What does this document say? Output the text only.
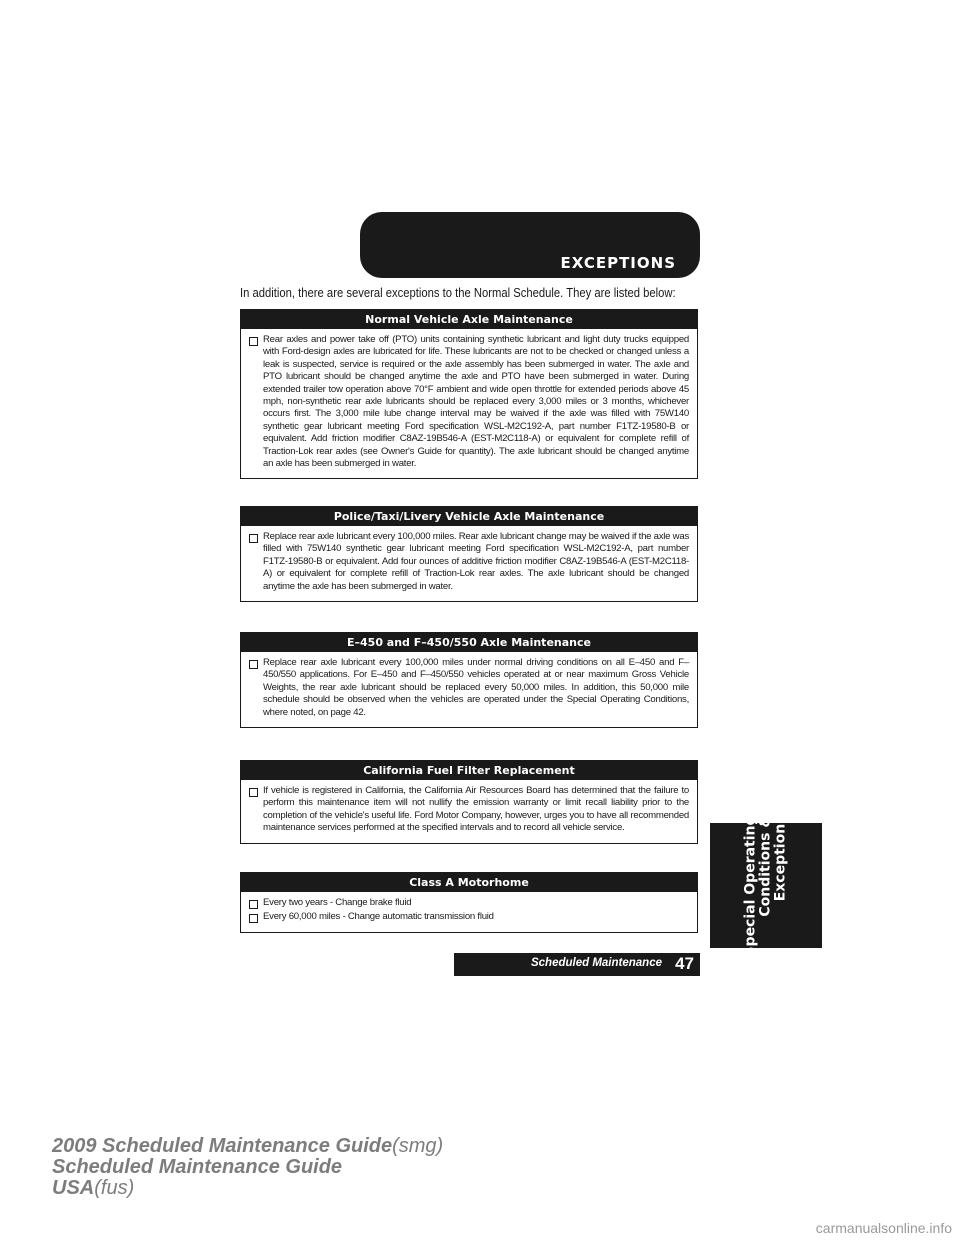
EXCEPTIONS
In addition, there are several exceptions to the Normal Schedule. They are listed below:
Normal Vehicle Axle Maintenance
Rear axles and power take off (PTO) units containing synthetic lubricant and light duty trucks equipped with Ford-design axles are lubricated for life. These lubricants are not to be checked or changed unless a leak is suspected, service is required or the axle assembly has been submerged in water. The axle and PTO lubricant should be changed anytime the axle and PTO have been submerged in water. During extended trailer tow operation above 70°F ambient and wide open throttle for extended periods above 45 mph, non-synthetic rear axle lubricants should be replaced every 3,000 miles or 3 months, whichever occurs first. The 3,000 mile lube change interval may be waived if the axle was filled with 75W140 synthetic gear lubricant meeting Ford specification WSL-M2C192-A, part number F1TZ-19580-B or equivalent. Add friction modifier C8AZ-19B546-A (EST-M2C118-A) or equivalent for complete refill of Traction-Lok rear axles (see Owner's Guide for quantity). The axle lubricant should be changed anytime an axle has been submerged in water.
Police/Taxi/Livery Vehicle Axle Maintenance
Replace rear axle lubricant every 100,000 miles. Rear axle lubricant change may be waived if the axle was filled with 75W140 synthetic gear lubricant meeting Ford specification WSL-M2C192-A, part number F1TZ-19580-B or equivalent. Add four ounces of additive friction modifier C8AZ-19B546-A (EST-M2C118-A) or equivalent for complete refill of Traction-Lok rear axles. The axle lubricant should be changed anytime the axle has been submerged in water.
E–450 and F–450/550 Axle Maintenance
Replace rear axle lubricant every 100,000 miles under normal driving conditions on all E–450 and F–450/550 applications. For E–450 and F–450/550 vehicles operated at or near maximum Gross Vehicle Weights, the rear axle lubricant should be replaced every 50,000 miles. In addition, this 50,000 mile schedule should be observed when the vehicles are operated under the Special Operating Conditions, where noted, on page 42.
California Fuel Filter Replacement
If vehicle is registered in California, the California Air Resources Board has determined that the failure to perform this maintenance item will not nullify the emission warranty or limit recall liability prior to the completion of the vehicle's useful life. Ford Motor Company, however, urges you to have all recommended maintenance services performed at the specified intervals and to record all vehicle service.
Class A Motorhome
Every two years - Change brake fluid
Every 60,000 miles - Change automatic transmission fluid	Special Operating Conditions & Exceptions
Scheduled Maintenance 47
2009 Scheduled Maintenance Guide(smg)
Scheduled Maintenance Guide
USA(fus)
carmanualsonline.info
